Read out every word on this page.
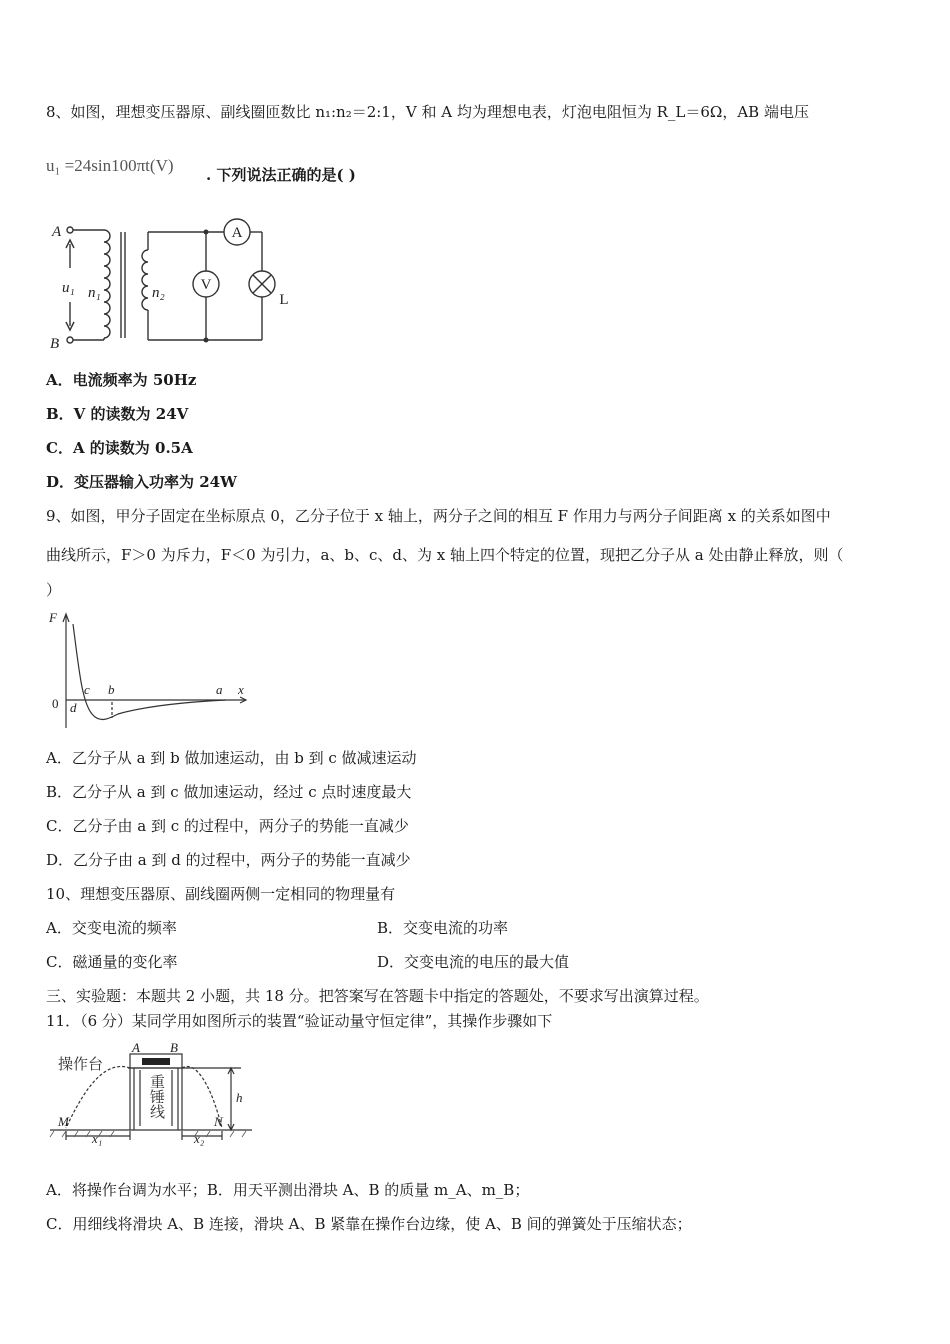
8、如图，理想变压器原、副线圈匝数比 n₁:n₂＝2:1，V 和 A 均为理想电表，灯泡电阻恒为 R_L＝6Ω，AB 端电压
u₁ =24sin100πt(V) . 下列说法正确的是( )
A
B
u₁ n₁	n₂
A
V
L
A．电流频率为 50Hz
B．V 的读数为 24V
C．A 的读数为 0.5A
D．变压器输入功率为 24W
9、如图，甲分子固定在坐标原点 0，乙分子位于 x 轴上，两分子之间的相互 F 作用力与两分子间距离 x 的关系如图中
曲线所示，F＞0 为斥力，F＜0 为引力，a、b、c、d、为 x 轴上四个特定的位置，现把乙分子从 a 处由静止释放，则（
）
F
x
a
b
c
d
0
A．乙分子从 a 到 b 做加速运动，由 b 到 c 做减速运动
B．乙分子从 a 到 c 做加速运动，经过 c 点时速度最大
C．乙分子由 a 到 c 的过程中，两分子的势能一直减少
D．乙分子由 a 到 d 的过程中，两分子的势能一直减少
10、理想变压器原、副线圈两侧一定相同的物理量有
A．交变电流的频率	B．交变电流的功率
C．磁通量的变化率	D．交变电流的电压的最大值
三、实验题：本题共 2 小题，共 18 分。把答案写在答题卡中指定的答题处，不要求写出演算过程。
11．（6 分）某同学用如图所示的装置“验证动量守恒定律”，其操作步骤如下
操作台
A B
h
M	N
x₁	x₂
重锤线
A．将操作台调为水平；B．用天平测出滑块 A、B 的质量 m_A、m_B；
C．用细线将滑块 A、B 连接，滑块 A、B 紧靠在操作台边缘，使 A、B 间的弹簧处于压缩状态；
